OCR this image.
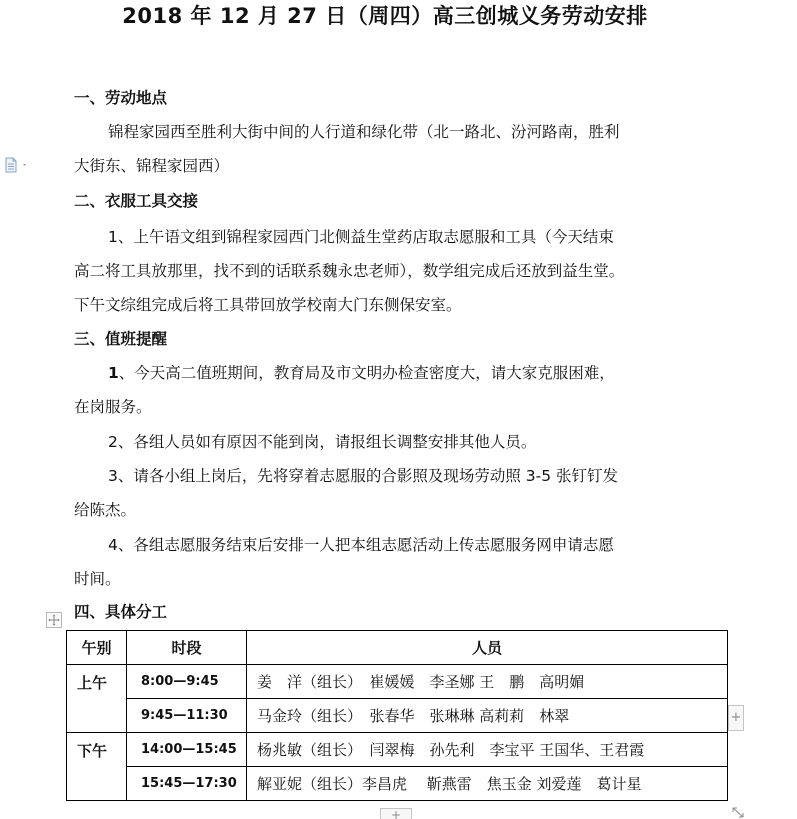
2018 年 12 月 27 日（周四）高三创城义务劳动安排
一、劳动地点
锦程家园西至胜利大街中间的人行道和绿化带（北一路北、汾河路南，胜利
大街东、锦程家园西）
二、衣服工具交接
1、上午语文组到锦程家园西门北侧益生堂药店取志愿服和工具（今天结束
高二将工具放那里，找不到的话联系魏永忠老师），数学组完成后还放到益生堂。
下午文综组完成后将工具带回放学校南大门东侧保安室。
三、值班提醒
1、今天高二值班期间，教育局及市文明办检查密度大，请大家克服困难，
在岗服务。
2、各组人员如有原因不能到岗，请报组长调整安排其他人员。
3、请各小组上岗后，先将穿着志愿服的合影照及现场劳动照 3-5 张钉钉发
给陈杰。
4、各组志愿服务结束后安排一人把本组志愿活动上传志愿服务网申请志愿
时间。
四、具体分工
午别	时段	人员
上午	8:00—9:45	姜　洋（组长）　崔媛媛　李圣娜 王　鹏　高明媚
	9:45—11:30	马金玲（组长）　张春华　张琳琳 高莉莉　林翠
下午	14:00—15:45	杨兆敏（组长）　闫翠梅　孙先利　李宝平 王国华、王君霞
	15:45—17:30	解亚妮（组长）李昌虎　 靳燕雷　焦玉金 刘爱莲　葛计星
+
+
